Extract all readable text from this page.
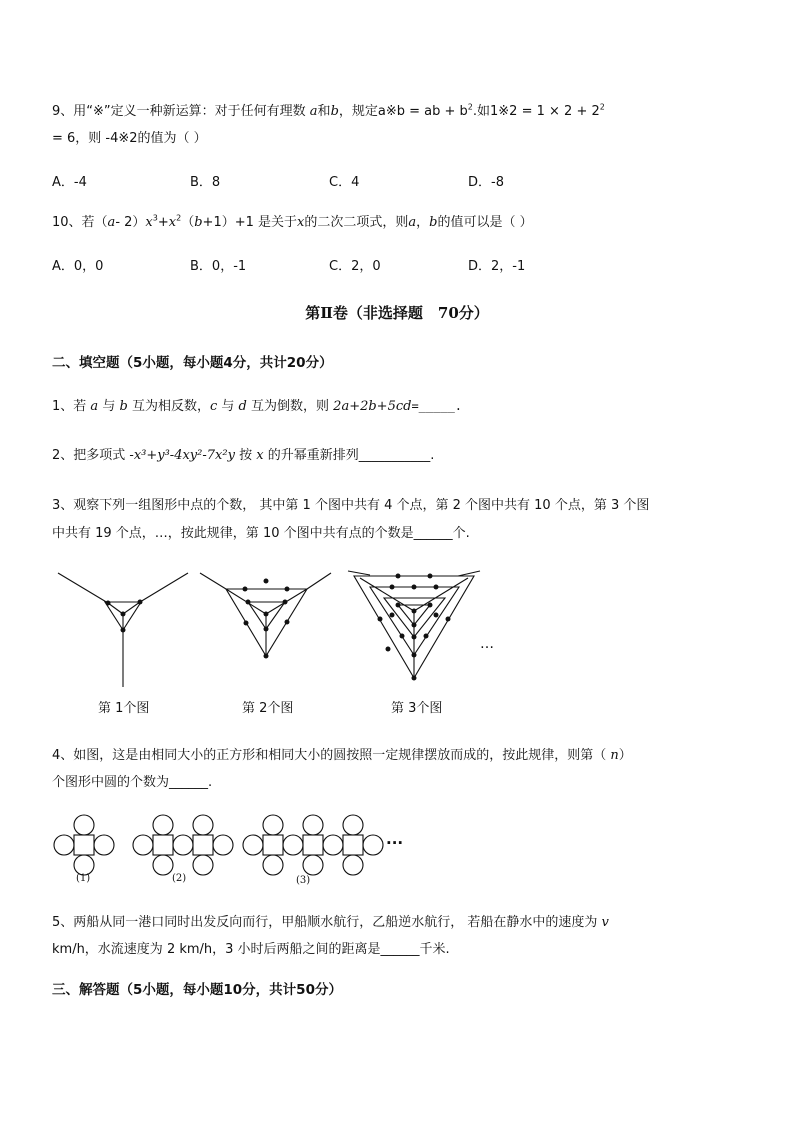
9、用“※”定义一种新运算：对于任何有理数 a和b，规定a※b = ab + $b^2$.如1※2 = $1 \times 2 + 2^2$
= 6，则 -4※2的值为（ ）
A．-4	B．8	C．4	D．-8
10、若（a- $2)x^3+x^2(b+1)+1$ 是关于x的二次二项式，则a，b的值可以是（ ）
A．0，0	B．0，-1	C．2，0	D．2，-1
第Ⅱ卷（非选择题　70分）
二、填空题（5小题，每小题4分，共计20分）
1、若 a 与 b 互为相反数，c 与 d 互为倒数，则 2a+2b+5cd=_____.
2、把多项式 -x³+y³-4xy²-7x²y 按 x 的升幂重新排列___________.
3、观察下列一组图形中点的个数， 其中第 1 个图中共有 4 个点，第 2 个图中共有 10 个点，第 3 个图
中共有 19 个点，…，按此规律，第 10 个图中共有点的个数是______个.
…
第 1个图	第 2个图	第 3个图
4、如图，这是由相同大小的正方形和相同大小的圆按照一定规律摆放而成的，按此规律，则第（ n）
个图形中圆的个数为______.
···
(1)	(2)	(3)
5、两船从同一港口同时出发反向而行，甲船顺水航行，乙船逆水航行， 若船在静水中的速度为 v
km/h，水流速度为 2 km/h，3 小时后两船之间的距离是______千米.
三、解答题（5小题，每小题10分，共计50分）
